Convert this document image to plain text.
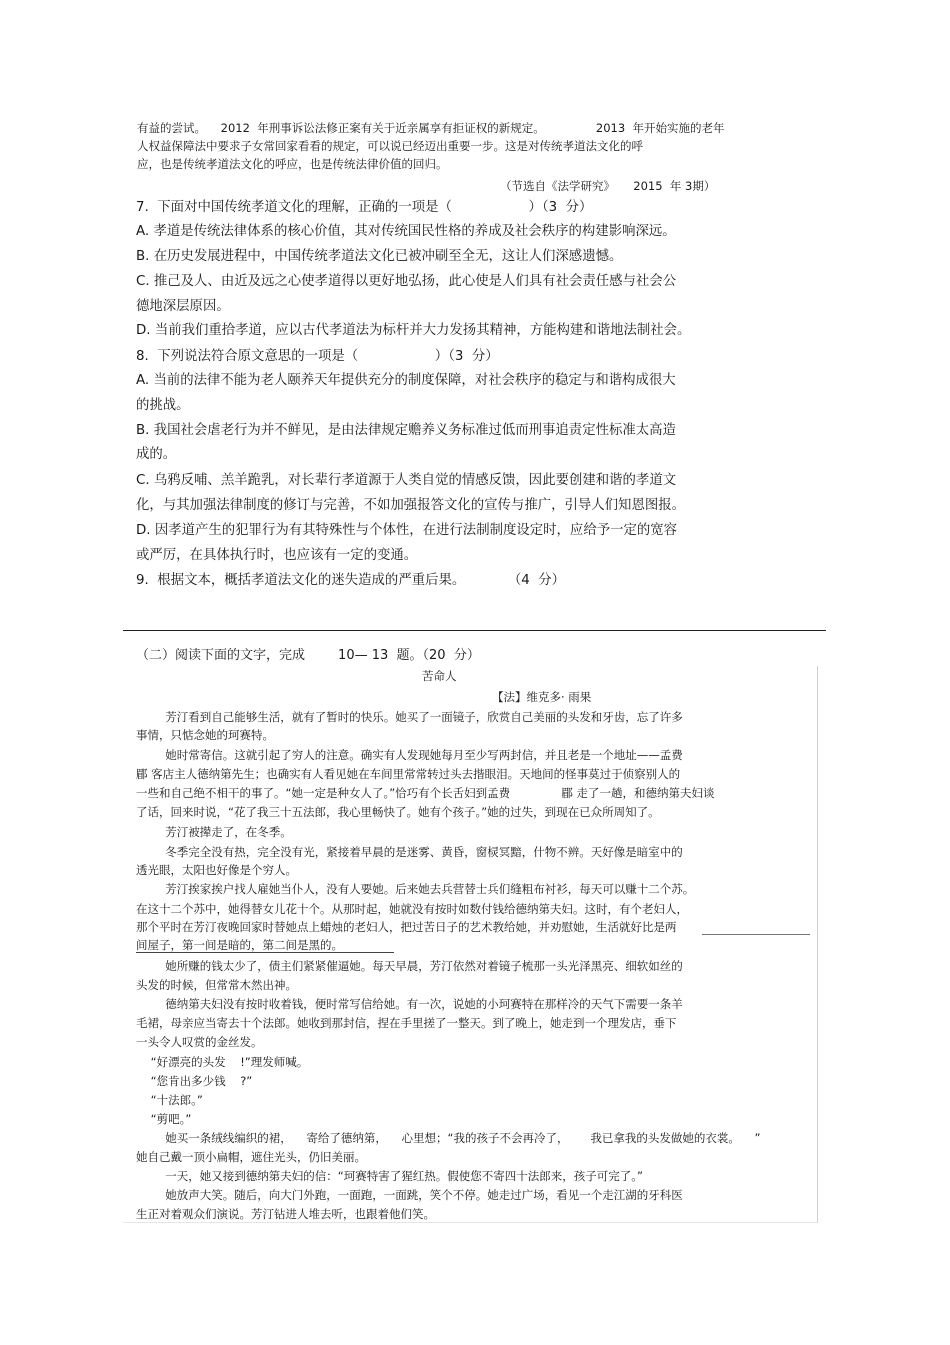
有益的尝试。    2012  年刑事诉讼法修正案有关于近亲属享有拒证权的新规定。              2013  年开始实施的老年
人权益保障法中要求子女常回家看看的规定，可以说已经迈出重要一步。这是对传统孝道法文化的呼
应，也是传统孝道法文化的呼应，也是传统法律价值的回归。
（节选自《法学研究》     2015  年 3期）
7.  下面对中国传统孝道文化的理解，正确的一项是（                  ）（3  分）
A. 孝道是传统法律体系的核心价值，其对传统国民性格的养成及社会秩序的构建影响深远。
B. 在历史发展进程中，中国传统孝道法文化已被冲刷至全无，这让人们深感遗憾。
C. 推己及人、由近及远之心使孝道得以更好地弘扬，此心使是人们具有社会责任感与社会公
德地深层原因。
D. 当前我们重拾孝道，应以古代孝道法为标杆并大力发扬其精神，方能构建和谐地法制社会。
8.  下列说法符合原文意思的一项是（                  ）（3  分）
A. 当前的法律不能为老人颐养天年提供充分的制度保障，对社会秩序的稳定与和谐构成很大
的挑战。
B. 我国社会虐老行为并不鲜见，是由法律规定赡养义务标准过低而刑事追责定性标准太高造
成的。
C. 乌鸦反哺、羔羊跪乳，对长辈行孝道源于人类自觉的情感反馈，因此要创建和谐的孝道文
化，与其加强法律制度的修订与完善，不如加强报答文化的宣传与推广，引导人们知恩图报。
D. 因孝道产生的犯罪行为有其特殊性与个体性，在进行法制制度设定时，应给予一定的宽容
或严厉，在具体执行时，也应该有一定的变通。
9.  根据文本，概括孝道法文化的迷失造成的严重后果。          （4  分）
（二）阅读下面的文字，完成        10— 13  题。（20  分）
苦命人
【法】维克多· 雨果
芳汀看到自己能够生活，就有了暂时的快乐。她买了一面镜子，欣赏自己美丽的头发和牙齿，忘了许多
事情，只惦念她的珂赛特。
她时常寄信。这就引起了穷人的注意。确实有人发现她每月至少写两封信，并且老是一个地址——孟费
郿 客店主人德纳第先生；也确实有人看见她在车间里常常转过头去揩眼泪。天地间的怪事莫过于侦察别人的
一些和自己绝不相干的事了。“她一定是种女人了。”恰巧有个长舌妇到孟费              郿 走了一趟，和德纳第夫妇谈
了话，回来时说，“花了我三十五法郎，我心里畅快了。她有个孩子。”她的过失，到现在已众所周知了。
芳汀被撵走了，在冬季。
冬季完全没有热，完全没有光，紧接着早晨的是迷雾、黄昏，窗棂冥黯，什物不辨。天好像是暗室中的
透光眼，太阳也好像是个穷人。
芳汀挨家挨户找人雇她当仆人，没有人要她。后来她去兵营替士兵们缝粗布衬衫，每天可以赚十二个苏。
在这十二个苏中，她得替女儿花十个。从那时起，她就没有按时如数付钱给德纳第夫妇。这时，有个老妇人，
那个平时在芳汀夜晚回家时替她点上蜡烛的老妇人，把过苦日子的艺术教给她，并劝慰她，生活就好比是两
间屋子，第一间是暗的，第二间是黑的。
她所赚的钱太少了，债主们紧紧催逼她。每天早晨，芳汀依然对着镜子梳那一头光泽黑亮、细软如丝的
头发的时候，但常常木然出神。
德纳第夫妇没有按时收着钱，便时常写信给她。有一次，说她的小珂赛特在那样冷的天气下需要一条羊
毛裙，母亲应当寄去十个法郎。她收到那封信，捏在手里搓了一整天。到了晚上，她走到一个理发店，垂下
一头令人叹赏的金丝发。
“好漂亮的头发    !”理发师喊。
“您肯出多少钱    ?”
“十法郎。”
“剪吧。”
她买一条绒线编织的裙，    寄给了德纳第，    心里想；“我的孩子不会再冷了，      我已拿我的头发做她的衣裳。    ”
她自己戴一顶小扁帽，遮住光头，仍旧美丽。
一天，她又接到德纳第夫妇的信：“珂赛特害了猩红热。假使您不寄四十法郎来，孩子可完了。”
她放声大笑。随后，向大门外跑，一面跑，一面跳，笑个不停。她走过广场，看见一个走江湖的牙科医
生正对着观众们演说。芳汀钻进人堆去听，也跟着他们笑。
